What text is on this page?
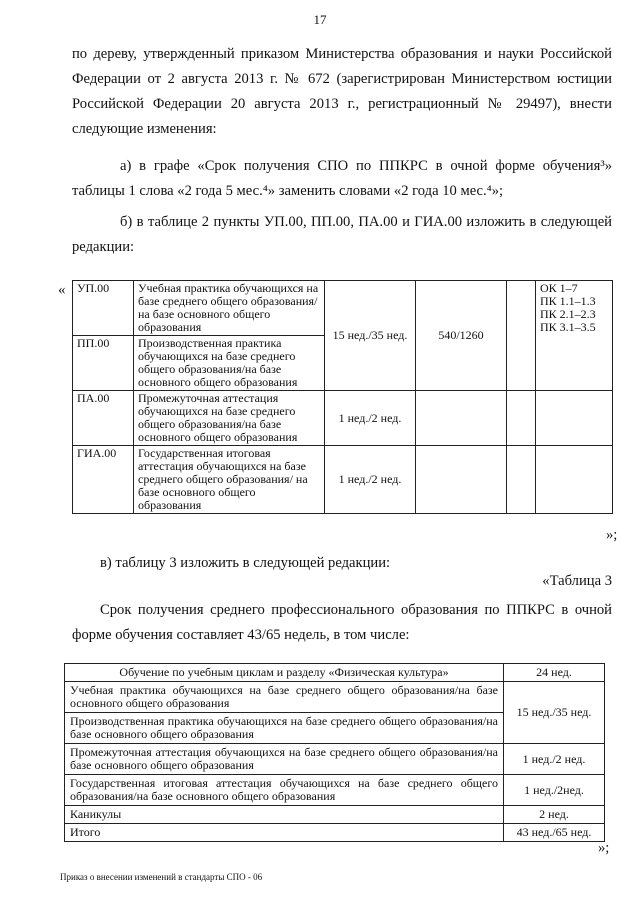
17
по дереву, утвержденный приказом Министерства образования и науки Российской
Федерации от 2 августа 2013 г. № 672 (зарегистрирован Министерством юстиции
Российской Федерации 20 августа 2013 г., регистрационный № 29497), внести
следующие изменения:
а) в графе «Срок получения СПО по ППКРС в очной форме обучения³»
таблицы 1 слова «2 года 5 мес.⁴» заменить словами «2 года 10 мес.⁴»;
б) в таблице 2 пункты УП.00, ПП.00, ПА.00 и ГИА.00 изложить в следующей
редакции:
« УП.00	Учебная практика обучающихся на базе среднего общего образования/на базе основного общего образования	15 нед./35 нед.	540/1260		ОК 1–7
ПК 1.1–1.3
ПК 2.1–2.3
ПК 3.1–3.5

ПП.00	Производственная практика обучающихся на базе среднего общего образования/на базе основного общего образования				
ПА.00	Промежуточная аттестация обучающихся на базе среднего общего образования/на базе основного общего образования	1 нед./2 нед.			
ГИА.00	Государственная итоговая аттестация обучающихся на базе среднего общего образования/ на базе основного общего образования	1 нед./2 нед.			
»;
в) таблицу 3 изложить в следующей редакции:
«Таблица 3
Срок получения среднего профессионального образования по ППКРС в очной
форме обучения составляет 43/65 недель, в том числе:
Обучение по учебным циклам и разделу «Физическая культура»	24 нед.
Учебная практика обучающихся на базе среднего общего образования/на базе основного общего образования	15 нед./35 нед.
Производственная практика обучающихся на базе среднего общего образования/на базе основного общего образования	
Промежуточная аттестация обучающихся на базе среднего общего образования/на базе основного общего образования	1 нед./2 нед.
Государственная итоговая аттестация обучающихся на базе среднего общего образования/на базе основного общего образования	1 нед./2нед.
Каникулы	2 нед.
Итого	43 нед./65 нед.
»;
Приказ о внесении изменений в стандарты СПО - 06
